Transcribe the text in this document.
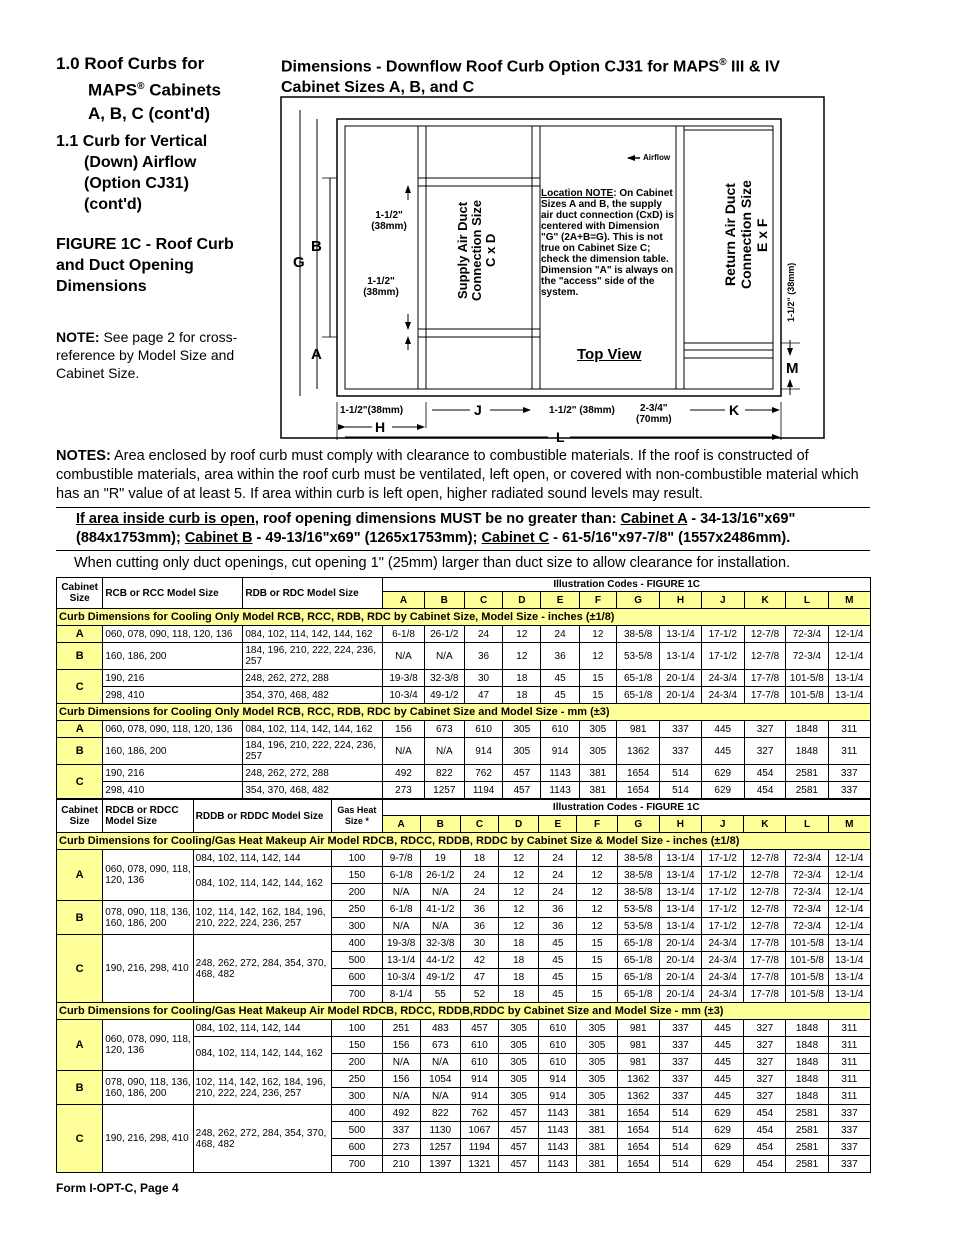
1.0 Roof Curbs for
MAPS® Cabinets
A, B, C (cont'd)
1.1 Curb for Vertical
(Down) Airflow
(Option CJ31)
(cont'd)
FIGURE 1C - Roof Curb and Duct Opening Dimensions
NOTE: See page 2 for cross-reference by Model Size and Cabinet Size.
Dimensions - Downflow Roof Curb Option CJ31 for MAPS® III & IV
Cabinet Sizes A, B, and C
B
G
A
1-1/2"
(38mm)
1-1/2"
(38mm)	Supply Air Duct Connection Size
C x D
Airflow
Location NOTE: On Cabinet Sizes A and B, the supply air duct connection (CxD) is centered with Dimension "G" (2A+B=G). This is not true on Cabinet Size C; check the dimension table. Dimension "A" is always on the "access" side of the system.
Return Air Duct Connection Size
E x F
1-1/2" (38mm)
Top View
M
1-1/2"(38mm)	J	1-1/2" (38mm)	2-3/4"
(70mm)
K
H
L
NOTES: Area enclosed by roof curb must comply with clearance to combustible materials. If the roof is constructed of combustible materials, area within the roof curb must be ventilated, left open, or covered with non-combustible material which has an "R" value of at least 5. If area within curb is left open, higher radiated sound levels may result.
If area inside curb is open, roof opening dimensions MUST be no greater than: Cabinet A - 34-13/16"x69"
(884x1753mm); Cabinet B - 49-13/16"x69" (1265x1753mm); Cabinet C - 61-5/16"x97-7/8" (1557x2486mm).
When cutting only duct openings, cut opening 1" (25mm) larger than duct size to allow clearance for installation.
Cabinet Size	RCB or RCC Model Size	RDB or RDC Model Size	Illustration Codes - FIGURE 1C											
			A	B	C	D	E	F	G	H	J	K	L	M
Curb Dimensions for Cooling Only Model RCB, RCC, RDB, RDC by Cabinet Size, Model Size - inches (±1/8)														
A	060, 078, 090, 118, 120, 136	084, 102, 114, 142, 144, 162	6-1/8	26-1/2	24	12	24	12	38-5/8	13-1/4	17-1/2	12-7/8	72-3/4	12-1/4
B	160, 186, 200	184, 196, 210, 222, 224, 236, 257	N/A	N/A	36	12	36	12	53-5/8	13-1/4	17-1/2	12-7/8	72-3/4	12-1/4
C	190, 216	248, 262, 272, 288	19-3/8	32-3/8	30	18	45	15	65-1/8	20-1/4	24-3/4	17-7/8	101-5/8	13-1/4
	298, 410	354, 370, 468, 482	10-3/4	49-1/2	47	18	45	15	65-1/8	20-1/4	24-3/4	17-7/8	101-5/8	13-1/4
Curb Dimensions for Cooling Only Model RCB, RCC, RDB, RDC by Cabinet Size and Model Size - mm (±3)														
A	060, 078, 090, 118, 120, 136	084, 102, 114, 142, 144, 162	156	673	610	305	610	305	981	337	445	327	1848	311
B	160, 186, 200	184, 196, 210, 222, 224, 236, 257	N/A	N/A	914	305	914	305	1362	337	445	327	1848	311
C	190, 216	248, 262, 272, 288	492	822	762	457	1143	381	1654	514	629	454	2581	337
	298, 410	354, 370, 468, 482	273	1257	1194	457	1143	381	1654	514	629	454	2581	337
Cabinet Size	RDCB or RDCC Model Size	RDDB or RDDC Model Size	Gas Heat Size *	Illustration Codes - FIGURE 1C											
				A	B	C	D	E	F	G	H	J	K	L	M
Curb Dimensions for Cooling/Gas Heat Makeup Air Model RDCB, RDCC, RDDB, RDDC by Cabinet Size & Model Size - inches (±1/8)															
A	060, 078, 090, 118, 120, 136	084, 102, 114, 142, 144	100	9-7/8	19	18	12	24	12	38-5/8	13-1/4	17-1/2	12-7/8	72-3/4	12-1/4
		084, 102, 114, 142, 144, 162	150	6-1/8	26-1/2	24	12	24	12	38-5/8	13-1/4	17-1/2	12-7/8	72-3/4	12-1/4
			200	N/A	N/A	24	12	24	12	38-5/8	13-1/4	17-1/2	12-7/8	72-3/4	12-1/4
B	078, 090, 118, 136, 160, 186, 200	102, 114, 142, 162, 184, 196, 210, 222, 224, 236, 257	250	6-1/8	41-1/2	36	12	36	12	53-5/8	13-1/4	17-1/2	12-7/8	72-3/4	12-1/4
			300	N/A	N/A	36	12	36	12	53-5/8	13-1/4	17-1/2	12-7/8	72-3/4	12-1/4
C	190, 216, 298, 410	248, 262, 272, 284, 354, 370, 468, 482	400	19-3/8	32-3/8	30	18	45	15	65-1/8	20-1/4	24-3/4	17-7/8	101-5/8	13-1/4
			500	13-1/4	44-1/2	42	18	45	15	65-1/8	20-1/4	24-3/4	17-7/8	101-5/8	13-1/4
			600	10-3/4	49-1/2	47	18	45	15	65-1/8	20-1/4	24-3/4	17-7/8	101-5/8	13-1/4
			700	8-1/4	55	52	18	45	15	65-1/8	20-1/4	24-3/4	17-7/8	101-5/8	13-1/4
Curb Dimensions for Cooling/Gas Heat Makeup Air Model RDCB, RDCC, RDDB,RDDC by Cabinet Size and Model Size - mm (±3)															
A	060, 078, 090, 118, 120, 136	084, 102, 114, 142, 144	100	251	483	457	305	610	305	981	337	445	327	1848	311
		084, 102, 114, 142, 144, 162	150	156	673	610	305	610	305	981	337	445	327	1848	311
			200	N/A	N/A	610	305	610	305	981	337	445	327	1848	311
B	078, 090, 118, 136, 160, 186, 200	102, 114, 142, 162, 184, 196, 210, 222, 224, 236, 257	250	156	1054	914	305	914	305	1362	337	445	327	1848	311
			300	N/A	N/A	914	305	914	305	1362	337	445	327	1848	311
C	190, 216, 298, 410	248, 262, 272, 284, 354, 370, 468, 482	400	492	822	762	457	1143	381	1654	514	629	454	2581	337
			500	337	1130	1067	457	1143	381	1654	514	629	454	2581	337
			600	273	1257	1194	457	1143	381	1654	514	629	454	2581	337
			700	210	1397	1321	457	1143	381	1654	514	629	454	2581	337
Form I-OPT-C, Page 4
